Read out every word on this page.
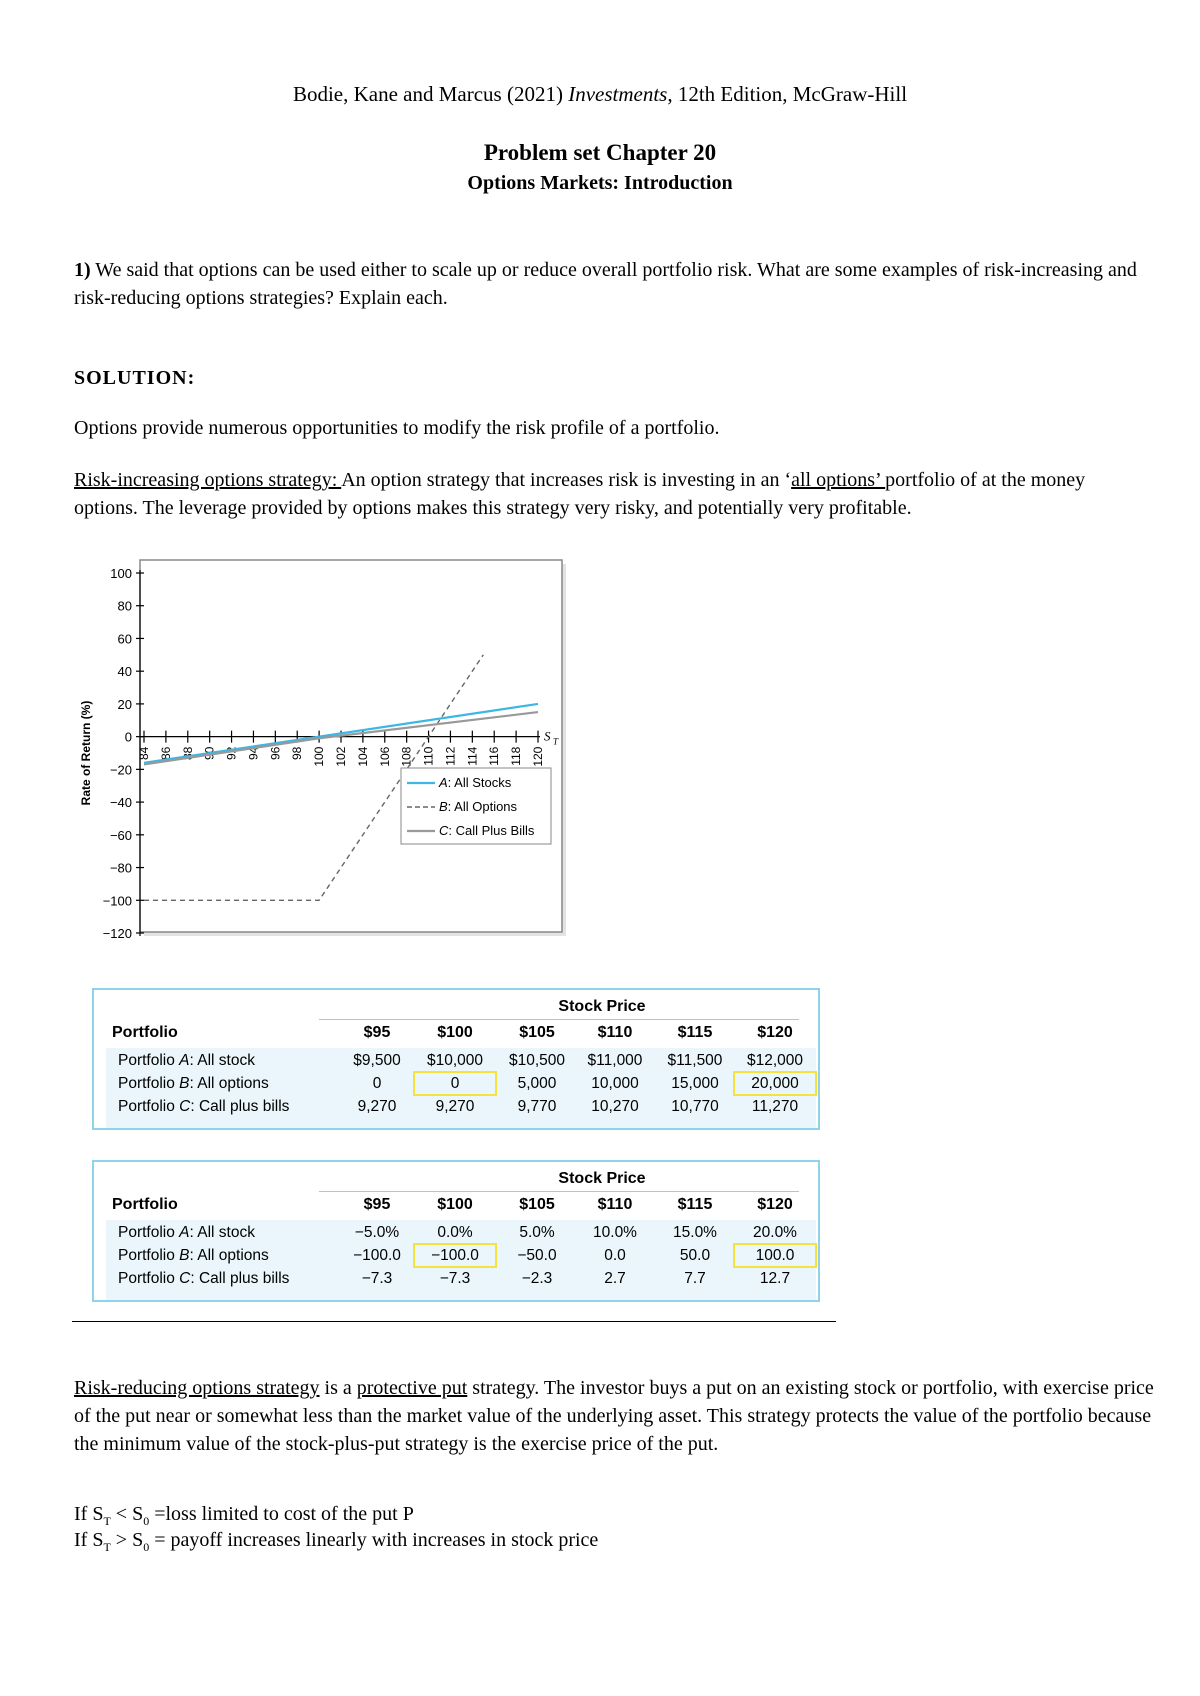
Bodie, Kane and Marcus (2021) Investments, 12th Edition, McGraw-Hill
Problem set Chapter 20
Options Markets: Introduction
1) We said that options can be used either to scale up or reduce overall portfolio risk. What are some examples of risk-increasing and risk-reducing options strategies? Explain each.
SOLUTION:
Options provide numerous opportunities to modify the risk profile of a portfolio.
Risk-increasing options strategy: An option strategy that increases risk is investing in an ‘all options’ portfolio of at the money options. The leverage provided by options makes this strategy very risky, and potentially very profitable.
100
80
60
40
20
0
−20
−40
−60
−80
−100
−120
Rate of Return (%)	84 86 88 90 92 94 96 98 100 102 104 106 108 110 112 114 116 118 120
S T
A: All Stocks
B: All Options
C: Call Plus Bills
Stock Price
Portfolio	$95	$100	$105	$110	$115	$120
Portfolio A: All stock	$9,500	$10,000	$10,500	$11,000	$11,500	$12,000
Portfolio B: All options	0	0	5,000	10,000	15,000	20,000
Portfolio C: Call plus bills	9,270	9,270	9,770	10,270	10,770	11,270
Stock Price
Portfolio	$95	$100	$105	$110	$115	$120
Portfolio A: All stock	−5.0%	0.0%	5.0%	10.0%	15.0%	20.0%
Portfolio B: All options	−100.0	−100.0	−50.0	0.0	50.0	100.0
Portfolio C: Call plus bills	−7.3	−7.3	−2.3	2.7	7.7	12.7
Risk-reducing options strategy is a protective put strategy. The investor buys a put on an existing stock or portfolio, with exercise price of the put near or somewhat less than the market value of the underlying asset. This strategy protects the value of the portfolio because the minimum value of the stock-plus-put strategy is the exercise price of the put.
If $S_T < S_0$ =loss limited to cost of the put P
If $S_T > S_0$ = payoff increases linearly with increases in stock price
